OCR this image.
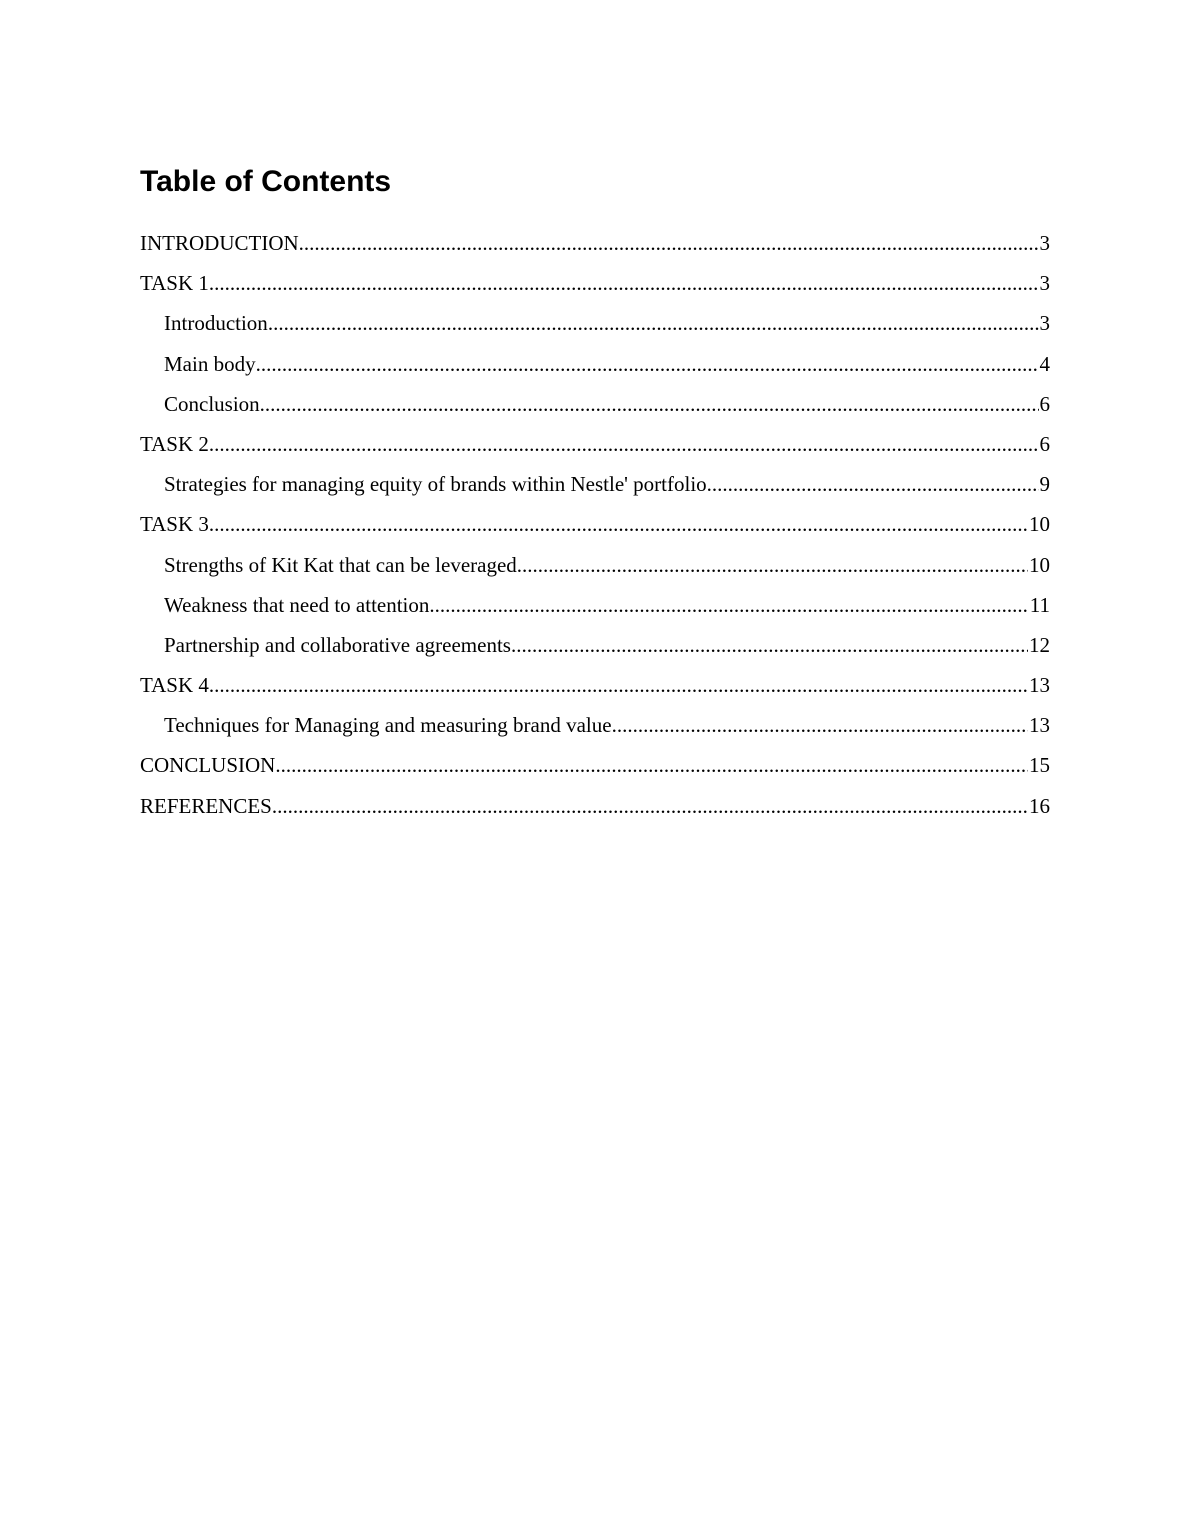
Table of Contents
INTRODUCTION .....	3
TASK 1 .....	3
Introduction .....	3
Main body .....	4
Conclusion .....	6
TASK 2 .....	6
Strategies for managing equity of brands within Nestle' portfolio .....	9
TASK 3 .....	10
Strengths of Kit Kat that can be leveraged .....	10
Weakness that need to attention .....	11
Partnership and collaborative agreements .....	12
TASK 4 .....	13
Techniques for Managing and measuring brand value .....	13
CONCLUSION .....	15
REFERENCES .....	16
